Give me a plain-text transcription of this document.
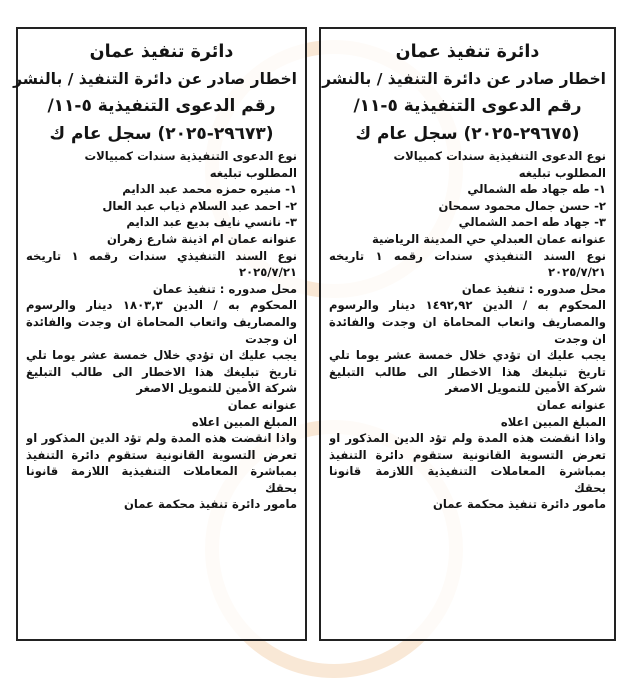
دائرة تنفيذ عمان
اخطار صادر عن دائرة التنفيذ / بالنشر
رقم الدعوى التنفيذية ٥-١١/
(٢٩٦٧٣-٢٠٢٥) سجل عام ك
نوع الدعوى التنفيذية سندات كمبيالات
المطلوب تبليغه
١- منيره حمزه محمد عبد الدايم
٢- احمد عبد السلام ذياب عبد العال
٣- نانسي نايف بديع عبد الدايم
عنوانه عمان ام اذينة شارع زهران
نوع السند التنفيذي سندات رقمه ١ تاريخه
٢٠٢٥/٧/٢١
محل صدوره : تنفيذ عمان
المحكوم به / الدين ١٨٠٣,٣ دينار والرسوم
والمصاريف واتعاب المحاماة ان وجدت والفائدة
ان وجدت
يجب عليك ان تؤدي خلال خمسة عشر يوما تلي
تاريخ تبليغك هذا الاخطار الى طالب التبليغ
شركة الأمين للتمويل الاصغر
عنوانه عمان
المبلغ المبين اعلاه
واذا انقضت هذه المدة ولم تؤد الدين المذكور او
تعرض التسوية القانونية ستقوم دائرة التنفيذ
بمباشرة المعاملات التنفيذية اللازمة قانونا
بحقك
مامور دائرة تنفيذ محكمة عمان
دائرة تنفيذ عمان
اخطار صادر عن دائرة التنفيذ / بالنشر
رقم الدعوى التنفيذية ٥-١١/
(٢٩٦٧٥-٢٠٢٥) سجل عام ك
نوع الدعوى التنفيذية سندات كمبيالات
المطلوب تبليغه
١- طه جهاد طه الشمالي
٢- حسن جمال محمود سمحان
٣- جهاد طه احمد الشمالي
عنوانه عمان العبدلي حي المدينة الرياضية
نوع السند التنفيذي سندات رقمه ١ تاريخه
٢٠٢٥/٧/٢١
محل صدوره : تنفيذ عمان
المحكوم به / الدين ١٤٩٢,٩٢ دينار والرسوم
والمصاريف واتعاب المحاماة ان وجدت والفائدة
ان وجدت
يجب عليك ان تؤدي خلال خمسة عشر يوما تلي
تاريخ تبليغك هذا الاخطار الى طالب التبليغ
شركة الأمين للتمويل الاصغر
عنوانه عمان
المبلغ المبين اعلاه
واذا انقضت هذه المدة ولم تؤد الدين المذكور او
تعرض التسوية القانونية ستقوم دائرة التنفيذ
بمباشرة المعاملات التنفيذية اللازمة قانونا
بحقك
مامور دائرة تنفيذ محكمة عمان
